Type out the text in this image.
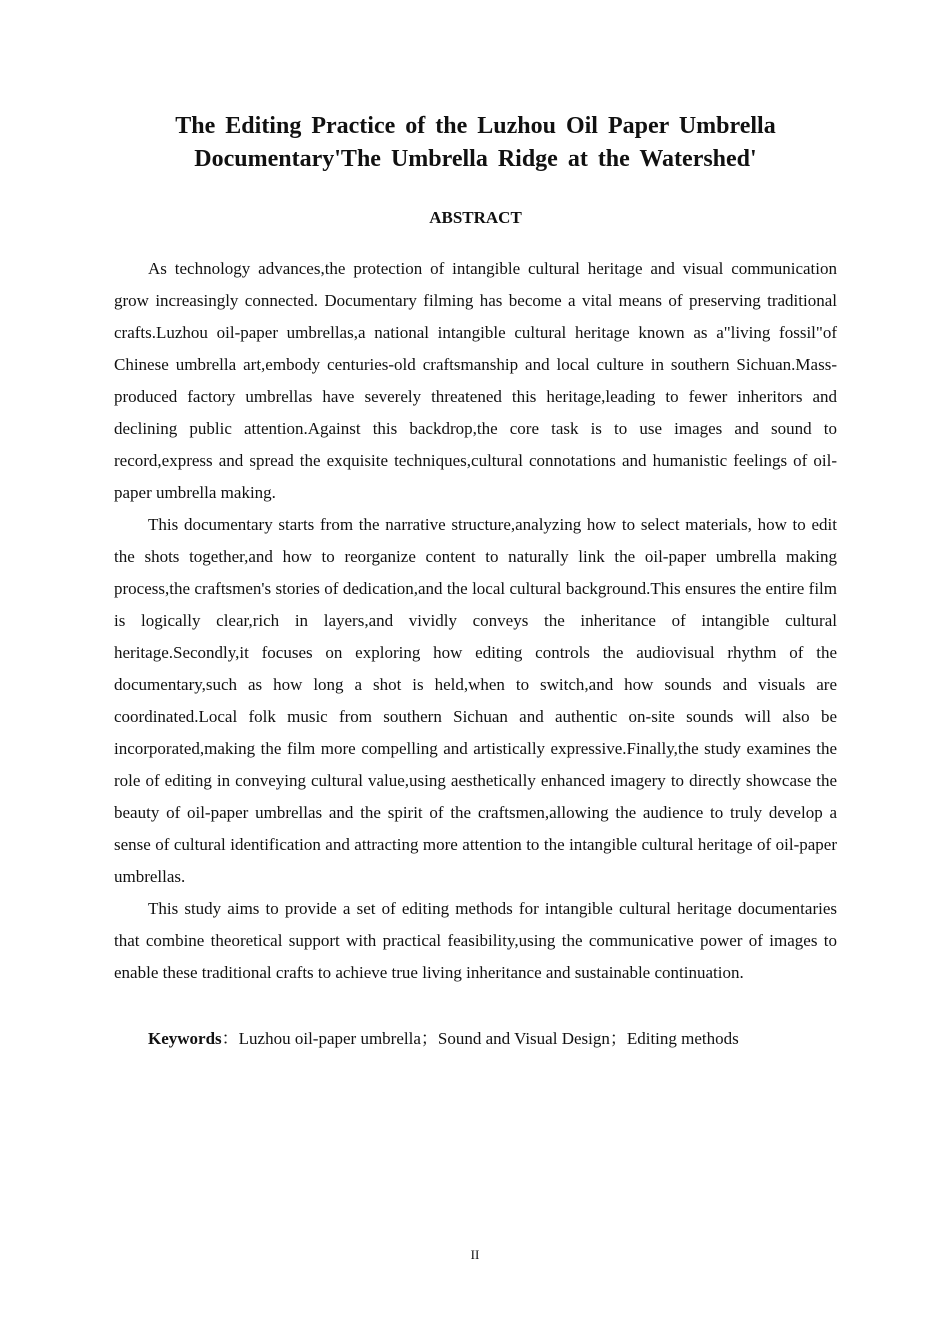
The Editing Practice of the Luzhou Oil Paper Umbrella Documentary'The Umbrella Ridge at the Watershed'
ABSTRACT

As technology advances,the protection of intangible cultural heritage and visual communication grow increasingly connected. Documentary filming has become a vital means of preserving traditional crafts.Luzhou oil-paper umbrellas,a national intangible cultural heritage known as a"living fossil"of Chinese umbrella art,embody centuries-old craftsmanship and local culture in southern Sichuan.Mass-produced factory umbrellas have severely threatened this heritage,leading to fewer inheritors and declining public attention.Against this backdrop,the core task is to use images and sound to record,express and spread the exquisite techniques,cultural connotations and humanistic feelings of oil-paper umbrella making.

This documentary starts from the narrative structure,analyzing how to select materials, how to edit the shots together,and how to reorganize content to naturally link the oil-paper umbrella making process,the craftsmen's stories of dedication,and the local cultural background.This ensures the entire film is logically clear,rich in layers,and vividly conveys the inheritance of intangible cultural heritage.Secondly,it focuses on exploring how editing controls the audiovisual rhythm of the documentary,such as how long a shot is held,when to switch,and how sounds and visuals are coordinated.Local folk music from southern Sichuan and authentic on-site sounds will also be incorporated,making the film more compelling and artistically expressive.Finally,the study examines the role of editing in conveying cultural value,using aesthetically enhanced imagery to directly showcase the beauty of oil-paper umbrellas and the spirit of the craftsmen,allowing the audience to truly develop a sense of cultural identification and attracting more attention to the intangible cultural heritage of oil-paper umbrellas.

This study aims to provide a set of editing methods for intangible cultural heritage documentaries that combine theoretical support with practical feasibility,using the communicative power of images to enable these traditional crafts to achieve true living inheritance and sustainable continuation.

Keywords：Luzhou oil-paper umbrella；Sound and Visual Design；Editing methods
II
